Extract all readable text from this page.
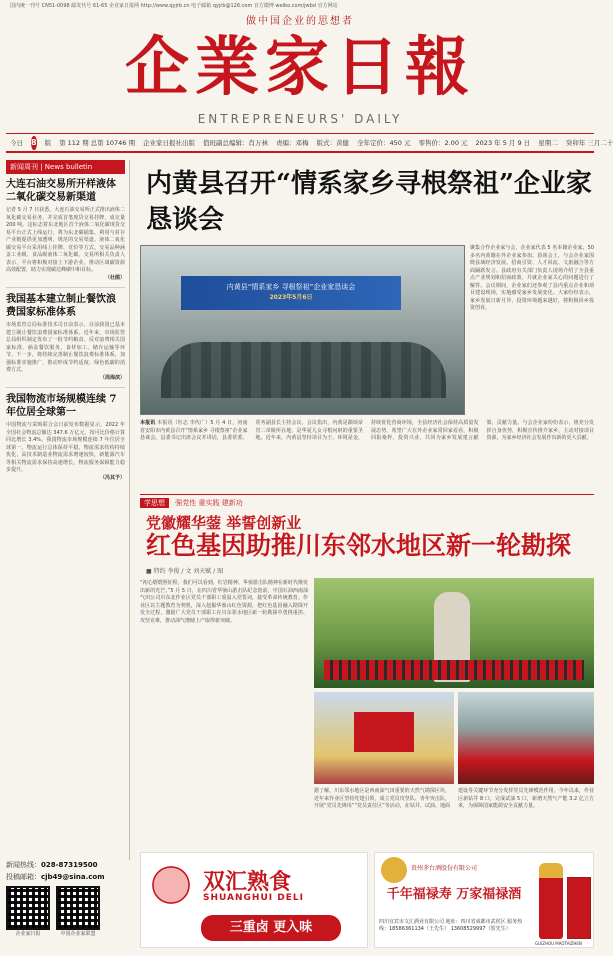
国内统一刊号 CN51-0098 邮发代号 61-65 企业家日报网 http://www.qyjrb.cn 电子邮箱 qyjrb@126.com 官方微博 weibo.com/jwbd 官方网站
做中国企业的思想者
企業家日報
ENTREPRENEURS' DAILY
今日 8 版 第 112 期 总第 10746 期 企业家日报社出版 值班副总编辑：肖万林 责编：邓梅 版式：黄健 全年定价：450 元 零售价：2.00 元 2023 年 5 月 9 日 星期二 癸卯年 三月二十
新闻周刊 | News bulletin
大连石油交易所开样液体二氧化碳交易新渠道
记者 5 月 7 日获悉，大连石油交易所正式推出液体二氧化碳交易业务，并完成首笔现货交易挂牌，成交量 200 吨。这标志着东北地区首个液体二氧化碳现货交易平台正式上线运行，将为东北碳捕集、利用与封存产业链提供更加透明、规范的交易渠道。液体二氧化碳交易平台采用线上挂牌、竞价等方式，交易品种涵盖工业级、食品级液体二氧化碳。交易所相关负责人表示，平台将积极对接上下游企业，推动区域碳资源高效配置，助力实现碳达峰碳中和目标。
（杜鹃）
我国基本建立制止餐饮浪费国家标准体系
市场监管总局标准技术司日前表示，目前我国已基本建立制止餐饮浪费国家标准体系。近年来，市场监管总局组织制定发布了一批节约粮食、反对浪费相关国家标准，涵盖餐饮服务、食材加工、储存运输等环节。下一步，将持续完善制止餐饮浪费标准体系，加强标准实施推广，推动形成节约适度、绿色低碳的消费方式。
（周海滨）
我国物流市场规模连续 7 年位居全球第一
中国物流与采购联合会日前发布数据显示，2022 年全国社会物流总额达 347.6 万亿元，按可比价格计算同比增长 3.4%，我国物流市场规模连续 7 年位居全球第一。物流运行总体保持平稳，物流需求结构持续优化，高技术制造业物流需求增速较快，新能源汽车等相关物流需求保持高速增长，物流服务保障能力稳步提升。
（冯其予）
新闻热线：028-87319500
投稿邮箱：cjb49@sina.com
企业家日报	中国企业家联盟
内黄县召开“情系家乡寻根祭祖”企业家恳谈会
内黄县“情系家乡 寻根祭祖”企业家恳谈会
2023年5月6日
聚集合作企业家与会，企业家代表 5 名本籍企业家、50 多名内黄籍在外企业家参加。恳谈会上，与会企业家围绕县域经济发展、招商引资、人才回流、文旅融合等方面踊跃发言。县政府有关部门负责人现场介绍了全县重点产业规划和招商政策，并就企业家关心的问题进行了解答。会议期间，企业家们还参观了县内重点企业和项目建设现场，实地感受家乡发展变化。大家纷纷表示，家乡发展日新月异，投资环境越来越好，将积极回乡投资创业。
本报讯 本报讯（杜志 李代广）5 月 4 日，河南省安阳市内黄县召开“情系家乡 寻根祭祖”企业家恳谈会。县委书记出席会议并讲话，县委常委、常务副县长主持会议。会议指出，内黄是颛顼帝喾二帝陵所在地，是华夏儿女寻根问祖的重要圣地。近年来，内黄县坚持项目为王、环境是金，持续优化营商环境，全县经济社会保持高质量发展态势。希望广大在外企业家常回家看看，积极回报桑梓、投资兴业，共同为家乡发展建言献策、贡献力量。与会企业家纷纷表示，将充分发挥自身优势，积极宣传推介家乡，主动对接项目资源，为家乡经济社会发展作出新的更大贡献。
学思想 强党性 重实践 建新功
党徽耀华蓥 举誓创新业
红色基因助推川东邻水地区新一轮勘探
■ 特约 李俊 / 文 刘天赋 / 图
“初心熠熠照征程，我们可以看到，红岩精神、华蓥游击队精神在新时代焕发出新的光芒。”5 月 5 日，在四川省华蓥山游击队纪念馆前，中国石油西南油气田公司川东北作业区党员干部职工重温入党誓词，接受革命传统教育。作业区以主题教育为契机，深入挖掘华蓥山红色资源，把红色基因融入勘探开发全过程，激励广大党员干部职工在川东邻水地区新一轮勘探中勇挑重担、攻坚克难，推动油气增储上产取得新突破。
据了解，川东邻水地区是西南油气田重要的天然气勘探区块，近年来作业区坚持党建引领，成立党员攻坚队、青年突击队，开展“党员先锋岗”“党员责任区”等活动，在钻井、试油、地面建设等关键环节充分发挥党员先锋模范作用。今年以来，作业区新钻井 8 口，完成试油 5 口，新增天然气产能 3.2 亿立方米，为保障国家能源安全贡献力量。
双汇熟食
SHUANGHUI DELI
三重卤 更入味
贵州茅台酒股份有限公司
千年福禄寿 万家福禄酒
四川宜宾市文汇酒业有限公司 地址：四川省成都市武侯区 服务热线：18586361134（王先生） 13608529997（贺先生）
GUIZHOU MAOTAIZHEN
